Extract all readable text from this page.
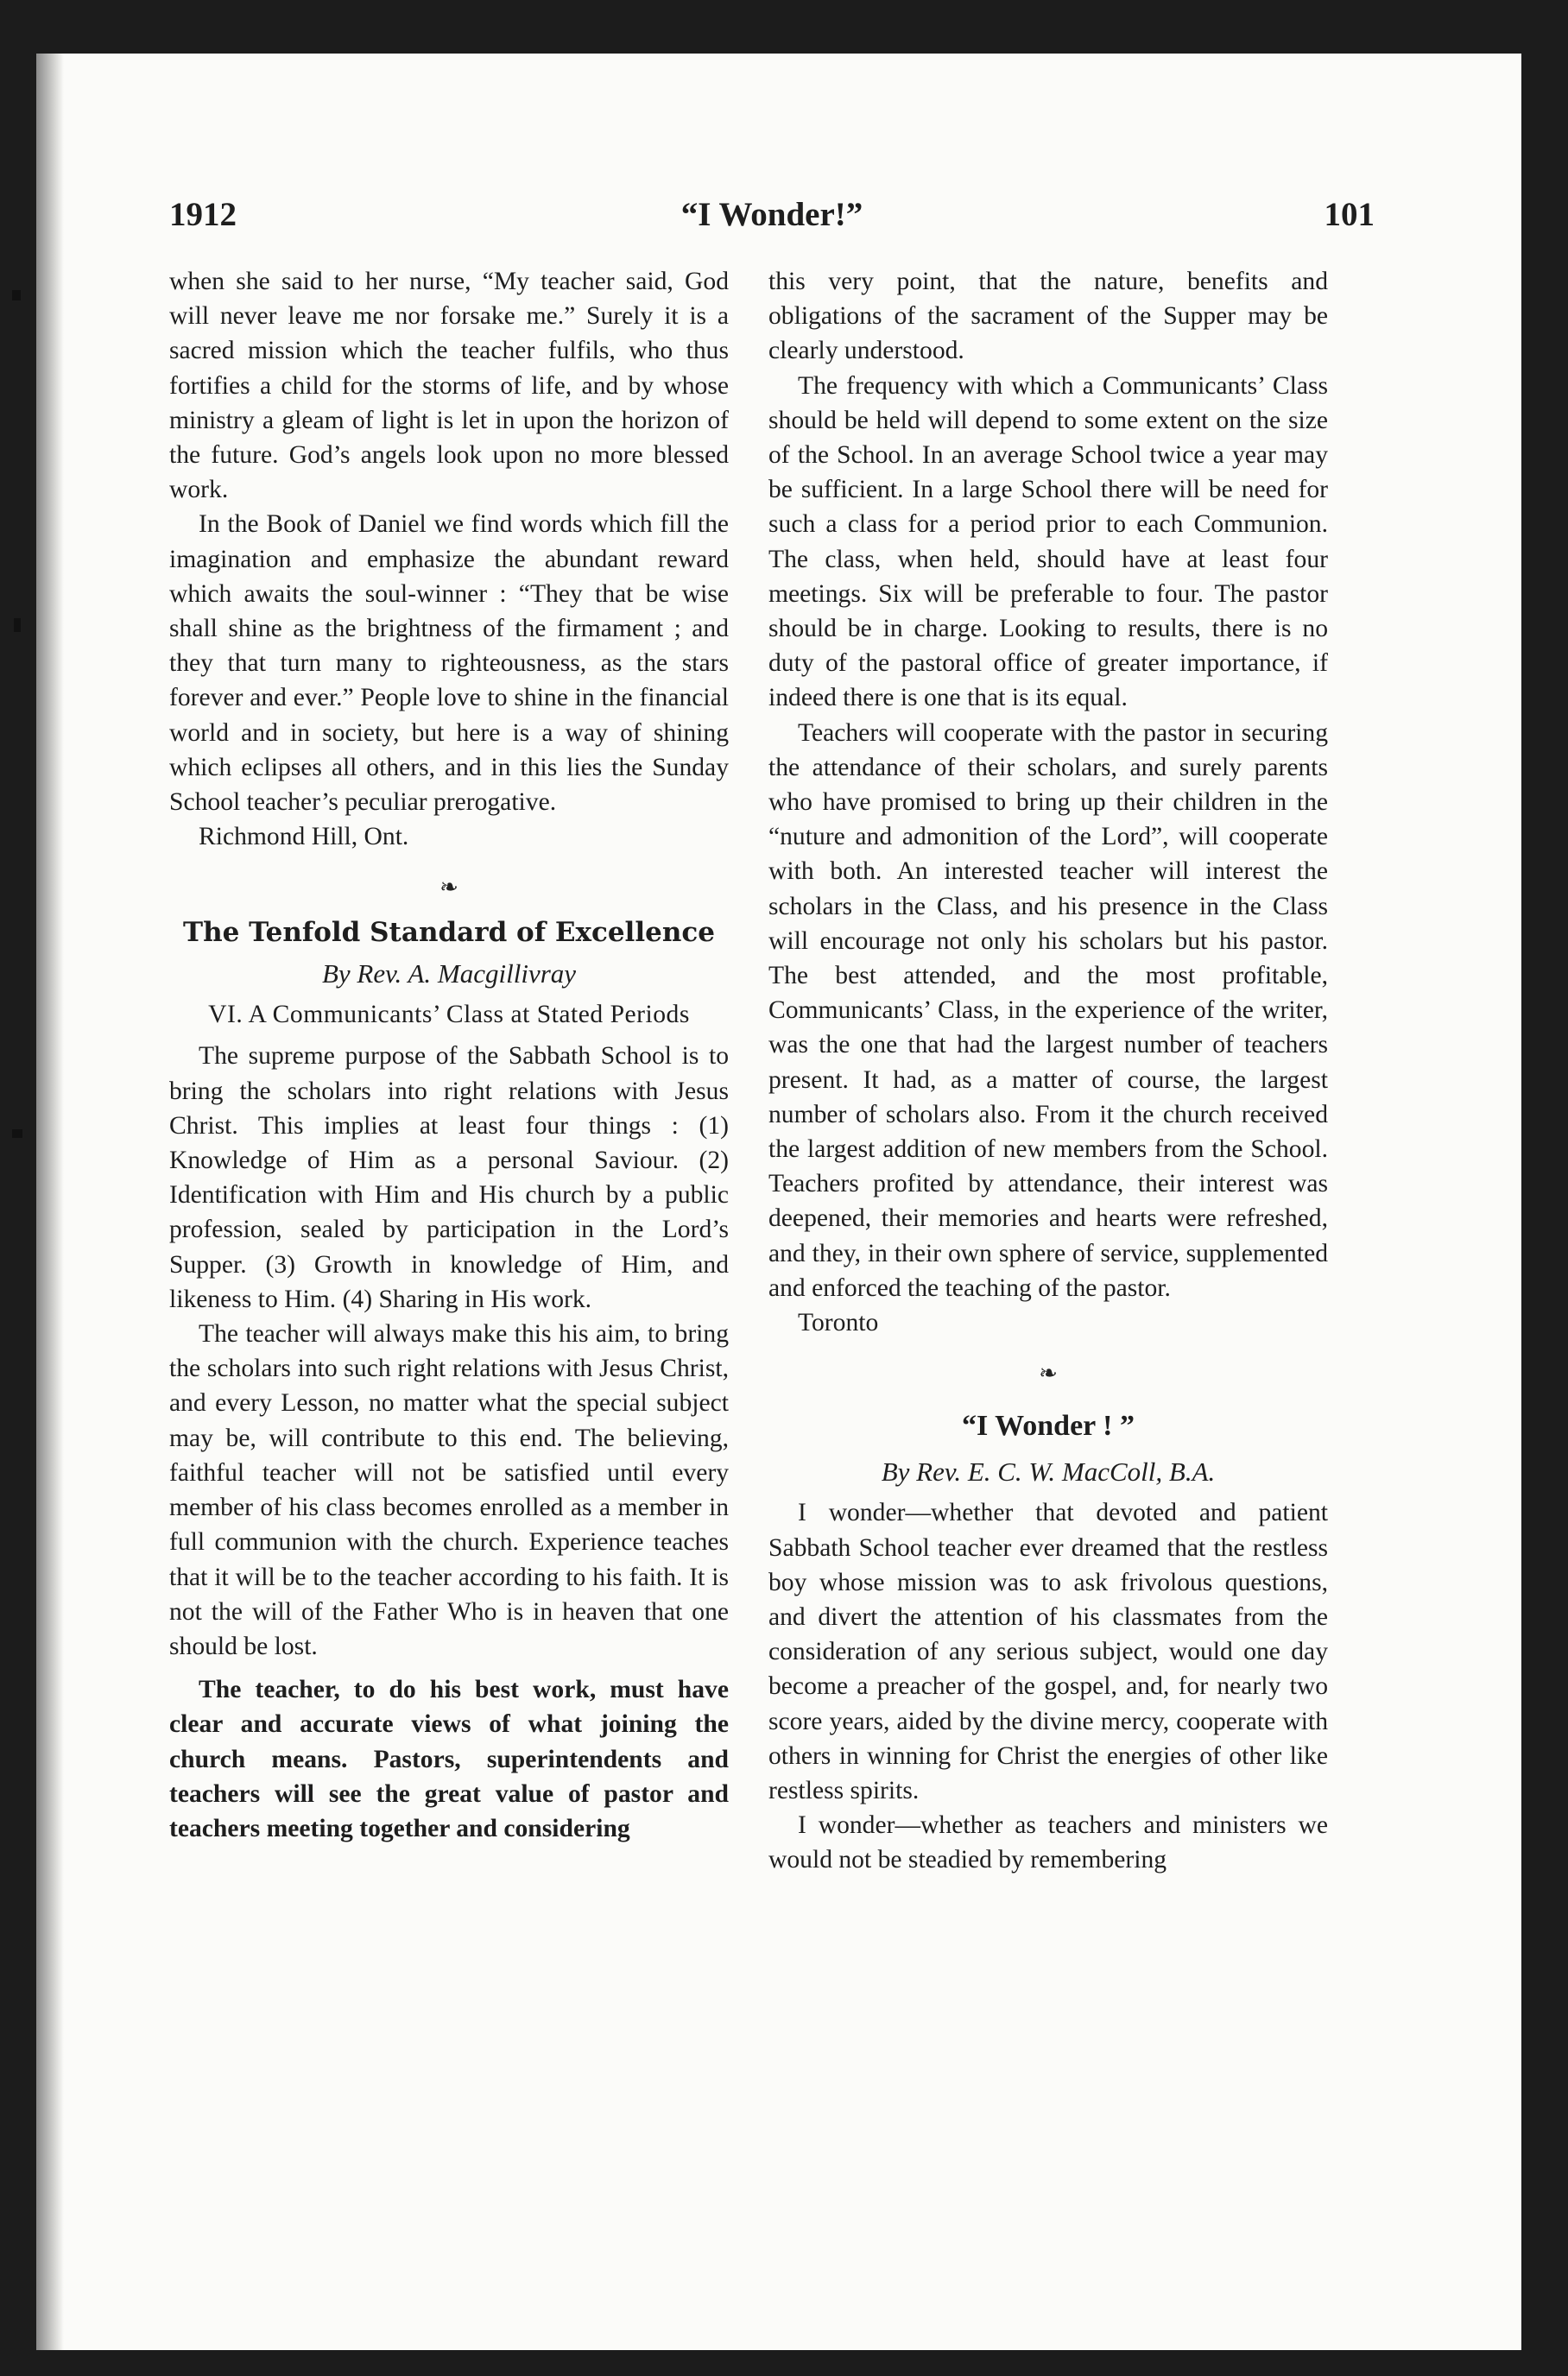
1912	“I Wonder!”	101

when she said to her nurse, “My teacher said, God will never leave me nor forsake me.” Surely it is a sacred mission which the teacher fulfils, who thus fortifies a child for the storms of life, and by whose ministry a gleam of light is let in upon the horizon of the future. God’s angels look upon no more blessed work.

In the Book of Daniel we find words which fill the imagination and emphasize the abundant reward which awaits the soul-winner : “They that be wise shall shine as the brightness of the firmament ; and they that turn many to righteousness, as the stars forever and ever.” People love to shine in the financial world and in society, but here is a way of shining which eclipses all others, and in this lies the Sunday School teacher’s peculiar prerogative.

Richmond Hill, Ont.

❧
The Tenfold Standard of Excellence
By Rev. A. Macgillivray
VI. A Communicants’ Class at Stated Periods

The supreme purpose of the Sabbath School is to bring the scholars into right relations with Jesus Christ. This implies at least four things : (1) Knowledge of Him as a personal Saviour. (2) Identification with Him and His church by a public profession, sealed by participation in the Lord’s Supper. (3) Growth in knowledge of Him, and likeness to Him. (4) Sharing in His work.

The teacher will always make this his aim, to bring the scholars into such right relations with Jesus Christ, and every Lesson, no matter what the special subject may be, will contribute to this end. The believing, faithful teacher will not be satisfied until every member of his class becomes enrolled as a member in full communion with the church. Experience teaches that it will be to the teacher according to his faith. It is not the will of the Father Who is in heaven that one should be lost.

The teacher, to do his best work, must have clear and accurate views of what joining the church means. Pastors, superintendents and teachers will see the great value of pastor and teachers meeting together and considering

this very point, that the nature, benefits and obligations of the sacrament of the Supper may be clearly understood.

The frequency with which a Communicants’ Class should be held will depend to some extent on the size of the School. In an average School twice a year may be sufficient. In a large School there will be need for such a class for a period prior to each Communion. The class, when held, should have at least four meetings. Six will be preferable to four. The pastor should be in charge. Looking to results, there is no duty of the pastoral office of greater importance, if indeed there is one that is its equal.

Teachers will cooperate with the pastor in securing the attendance of their scholars, and surely parents who have promised to bring up their children in the “nuture and admonition of the Lord”, will cooperate with both. An interested teacher will interest the scholars in the Class, and his presence in the Class will encourage not only his scholars but his pastor. The best attended, and the most profitable, Communicants’ Class, in the experience of the writer, was the one that had the largest number of teachers present. It had, as a matter of course, the largest number of scholars also. From it the church received the largest addition of new members from the School. Teachers profited by attendance, their interest was deepened, their memories and hearts were refreshed, and they, in their own sphere of service, supplemented and enforced the teaching of the pastor.

Toronto

❧
“I Wonder ! ”
By Rev. E. C. W. MacColl, B.A.

I wonder—whether that devoted and patient Sabbath School teacher ever dreamed that the restless boy whose mission was to ask frivolous questions, and divert the attention of his classmates from the consideration of any serious subject, would one day become a preacher of the gospel, and, for nearly two score years, aided by the divine mercy, cooperate with others in winning for Christ the energies of other like restless spirits.

I wonder—whether as teachers and ministers we would not be steadied by remembering
